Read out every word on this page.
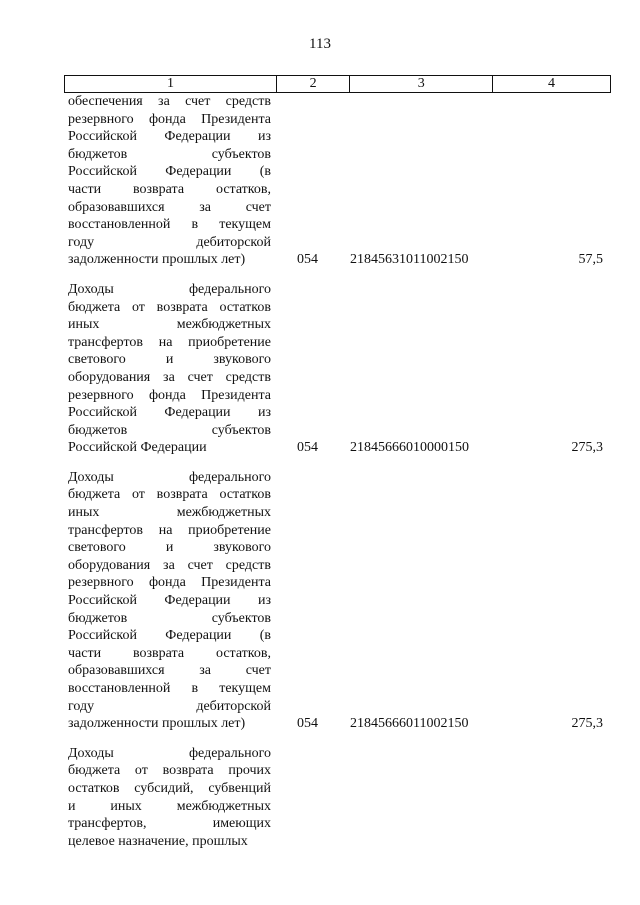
113
1	2	3	4
обеспечения за счет средств
резервного фонда Президента
Российской Федерации из
бюджетов субъектов
Российской Федерации (в
части возврата остатков,
образовавшихся за счет
восстановленной в текущем
году дебиторской
задолженности прошлых лет)	054 21845631011002150	57,5
Доходы федерального
бюджета от возврата остатков
иных межбюджетных
трансфертов на приобретение
светового и звукового
оборудования за счет средств
резервного фонда Президента
Российской Федерации из
бюджетов субъектов
Российской Федерации	054 21845666010000150	275,3
Доходы федерального
бюджета от возврата остатков
иных межбюджетных
трансфертов на приобретение
светового и звукового
оборудования за счет средств
резервного фонда Президента
Российской Федерации из
бюджетов субъектов
Российской Федерации (в
части возврата остатков,
образовавшихся за счет
восстановленной в текущем
году дебиторской
задолженности прошлых лет)	054 21845666011002150	275,3
Доходы федерального
бюджета от возврата прочих
остатков субсидий, субвенций
и иных межбюджетных
трансфертов, имеющих
целевое назначение, прошлых
